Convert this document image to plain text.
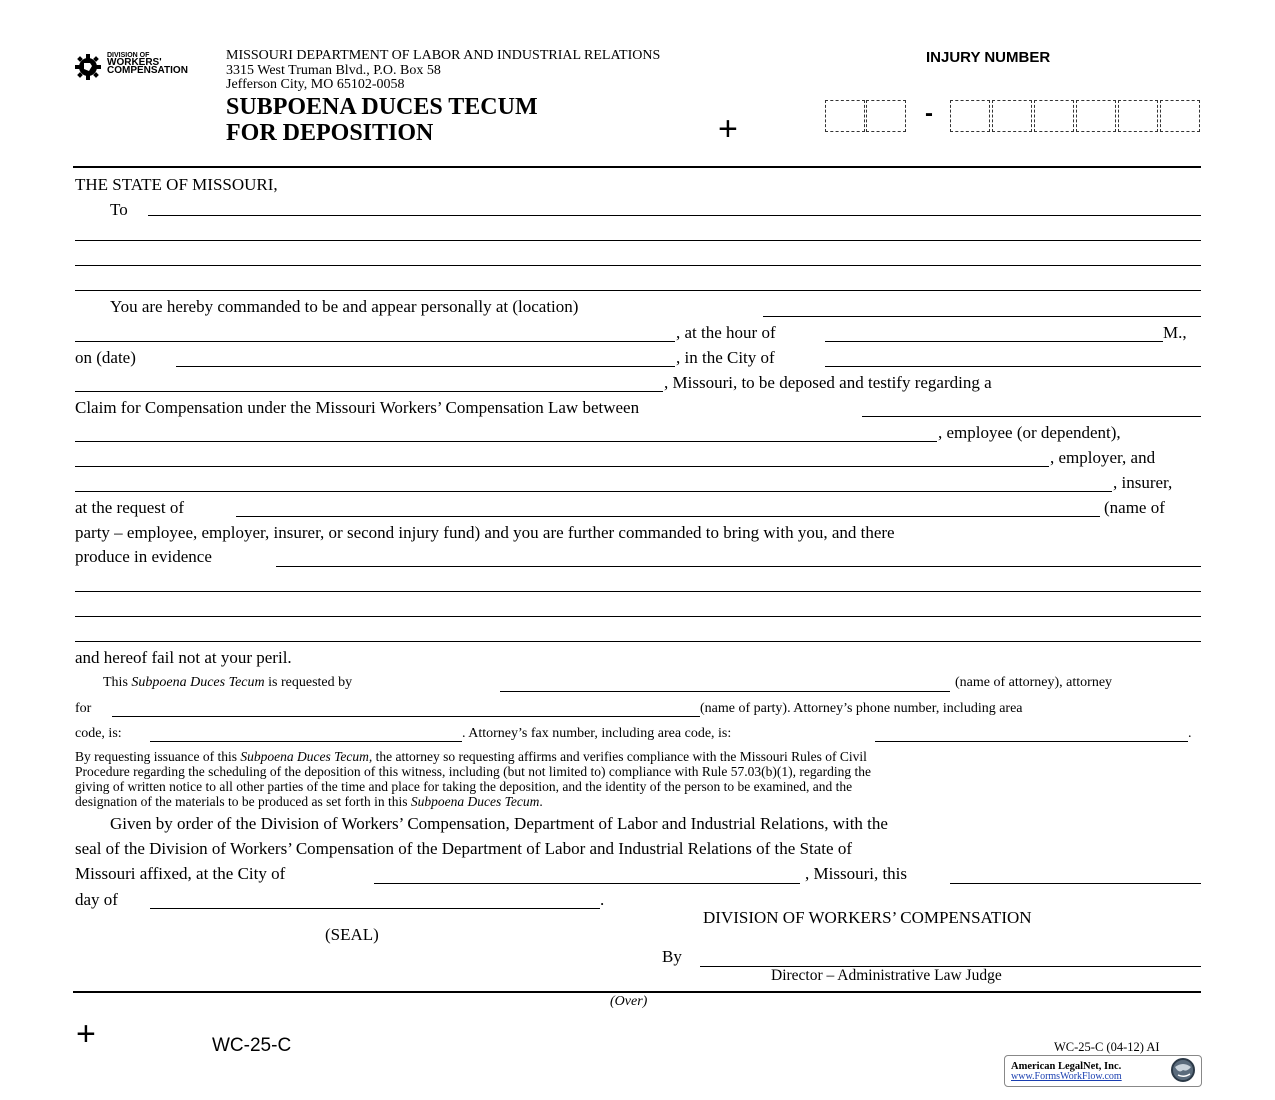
DIVISION OF
WORKERS'
COMPENSATION
MISSOURI DEPARTMENT OF LABOR AND INDUSTRIAL RELATIONS
3315 West Truman Blvd., P.O. Box 58
Jefferson City, MO 65102-0058
SUBPOENA DUCES TECUM
FOR DEPOSITION	+
INJURY NUMBER
-
THE STATE OF MISSOURI,
To
You are hereby commanded to be and appear personally at (location)
, at the hour of	M.,
on (date)	, in the City of
, Missouri, to be deposed and testify regarding a
Claim for Compensation under the Missouri Workers’ Compensation Law between
, employee (or dependent),
, employer, and
, insurer,
at the request of	(name of
party – employee, employer, insurer, or second injury fund) and you are further commanded to bring with you, and there
produce in evidence
and hereof fail not at your peril.
This Subpoena Duces Tecum is requested by	(name of attorney), attorney
for	(name of party). Attorney’s phone number, including area
code, is:	. Attorney’s fax number, including area code, is:	.
By requesting issuance of this Subpoena Duces Tecum, the attorney so requesting affirms and verifies compliance with the Missouri Rules of Civil
Procedure regarding the scheduling of the deposition of this witness, including (but not limited to) compliance with Rule 57.03(b)(1), regarding the
giving of written notice to all other parties of the time and place for taking the deposition, and the identity of the person to be examined, and the
designation of the materials to be produced as set forth in this Subpoena Duces Tecum.
Given by order of the Division of Workers’ Compensation, Department of Labor and Industrial Relations, with the
seal of the Division of Workers’ Compensation of the Department of Labor and Industrial Relations of the State of
Missouri affixed, at the City of	, Missouri, this
day of	.
DIVISION OF WORKERS’ COMPENSATION
(SEAL)
By
Director – Administrative Law Judge
(Over)
+	WC-25-C	WC-25-C (04-12) AI
American LegalNet, Inc.
www.FormsWorkFlow.com
